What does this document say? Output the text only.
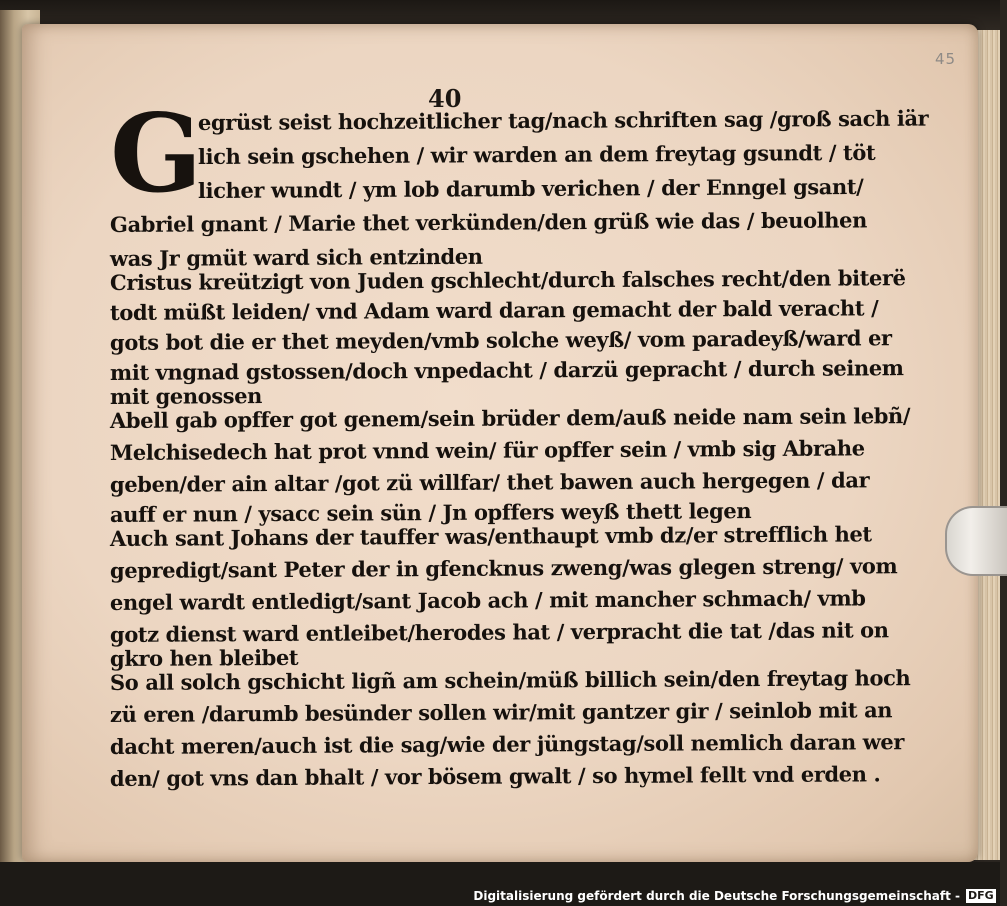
45
40
G
egrüst seist hochzeitlicher tag/nach schriften sag /groß sach iär
lich sein gschehen / wir warden an dem freytag gsundt / töt
licher wundt / ym lob darumb verichen / der Enngel gsant/
Gabriel gnant / Marie thet verkünden/den grüß wie das / beuolhen
was Jr gmüt ward sich entzinden
Cristus kreützigt von Juden gschlecht/durch falsches recht/den biterë
todt müßt leiden/ vnd Adam ward daran gemacht der bald veracht /
gots bot die er thet meyden/vmb solche weyß/ vom paradeyß/ward er
mit vngnad gstossen/doch vnpedacht / darzü gepracht / durch seinem
mit genossen
Abell gab opffer got genem/sein brüder dem/auß neide nam sein lebñ/
Melchisedech hat prot vnnd wein/ für opffer sein / vmb sig Abrahe
geben/der ain altar /got zü willfar/ thet bawen auch hergegen / dar
auff er nun / ysacc sein sün / Jn opffers weyß thett legen
Auch sant Johans der tauffer was/enthaupt vmb dz/er strefflich het
gepredigt/sant Peter der in gfencknus zweng/was glegen streng/ vom
engel wardt entledigt/sant Jacob ach / mit mancher schmach/ vmb
gotz dienst ward entleibet/herodes hat / verpracht die tat /das nit on
gkro hen bleibet
So all solch gschicht ligñ am schein/müß billich sein/den freytag hoch
zü eren /darumb besünder sollen wir/mit gantzer gir / seinlob mit an
dacht meren/auch ist die sag/wie der jüngstag/soll nemlich daran wer
den/ got vns dan bhalt / vor bösem gwalt / so hymel fellt vnd erden .
Digitalisierung gefördert durch die Deutsche Forschungsgemeinschaft - DFG
